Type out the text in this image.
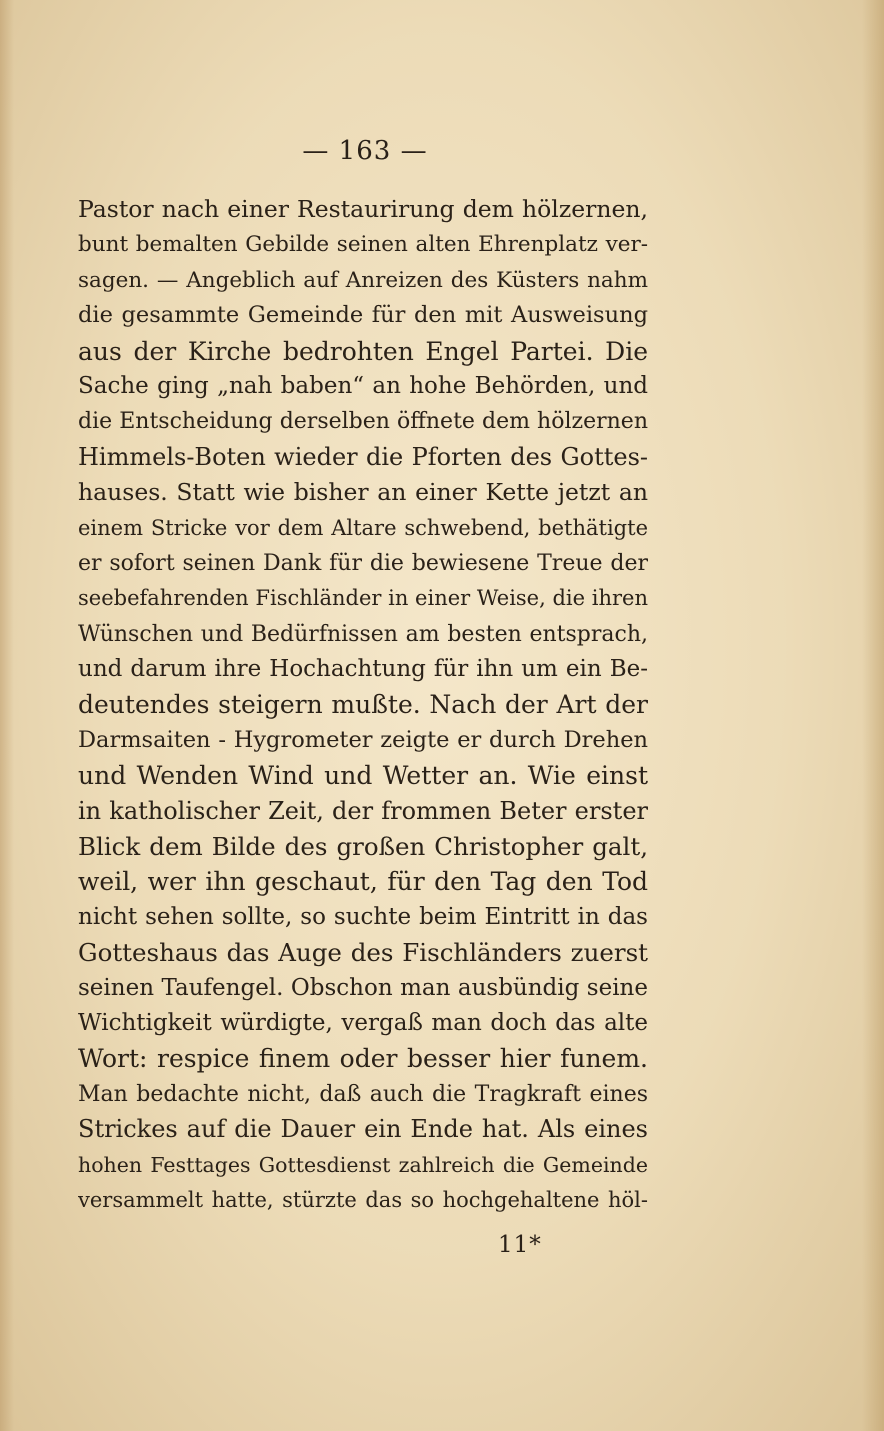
— 163 —
Pastor nach einer Restaurirung dem hölzernen,
bunt bemalten Gebilde seinen alten Ehrenplatz ver-
sagen. — Angeblich auf Anreizen des Küsters nahm
die gesammte Gemeinde für den mit Ausweisung
aus der Kirche bedrohten Engel Partei. Die
Sache ging „nah baben“ an hohe Behörden, und
die Entscheidung derselben öffnete dem hölzernen
Himmels-Boten wieder die Pforten des Gottes-
hauses. Statt wie bisher an einer Kette jetzt an
einem Stricke vor dem Altare schwebend, bethätigte
er sofort seinen Dank für die bewiesene Treue der
seebefahrenden Fischländer in einer Weise, die ihren
Wünschen und Bedürfnissen am besten entsprach,
und darum ihre Hochachtung für ihn um ein Be-
deutendes steigern mußte. Nach der Art der
Darmsaiten - Hygrometer zeigte er durch Drehen
und Wenden Wind und Wetter an. Wie einst
in katholischer Zeit, der frommen Beter erster
Blick dem Bilde des großen Christopher galt,
weil, wer ihn geschaut, für den Tag den Tod
nicht sehen sollte, so suchte beim Eintritt in das
Gotteshaus das Auge des Fischländers zuerst
seinen Taufengel. Obschon man ausbündig seine
Wichtigkeit würdigte, vergaß man doch das alte
Wort: respice finem oder besser hier funem.
Man bedachte nicht, daß auch die Tragkraft eines
Strickes auf die Dauer ein Ende hat. Als eines
hohen Festtages Gottesdienst zahlreich die Gemeinde
versammelt hatte, stürzte das so hochgehaltene höl-
11*
